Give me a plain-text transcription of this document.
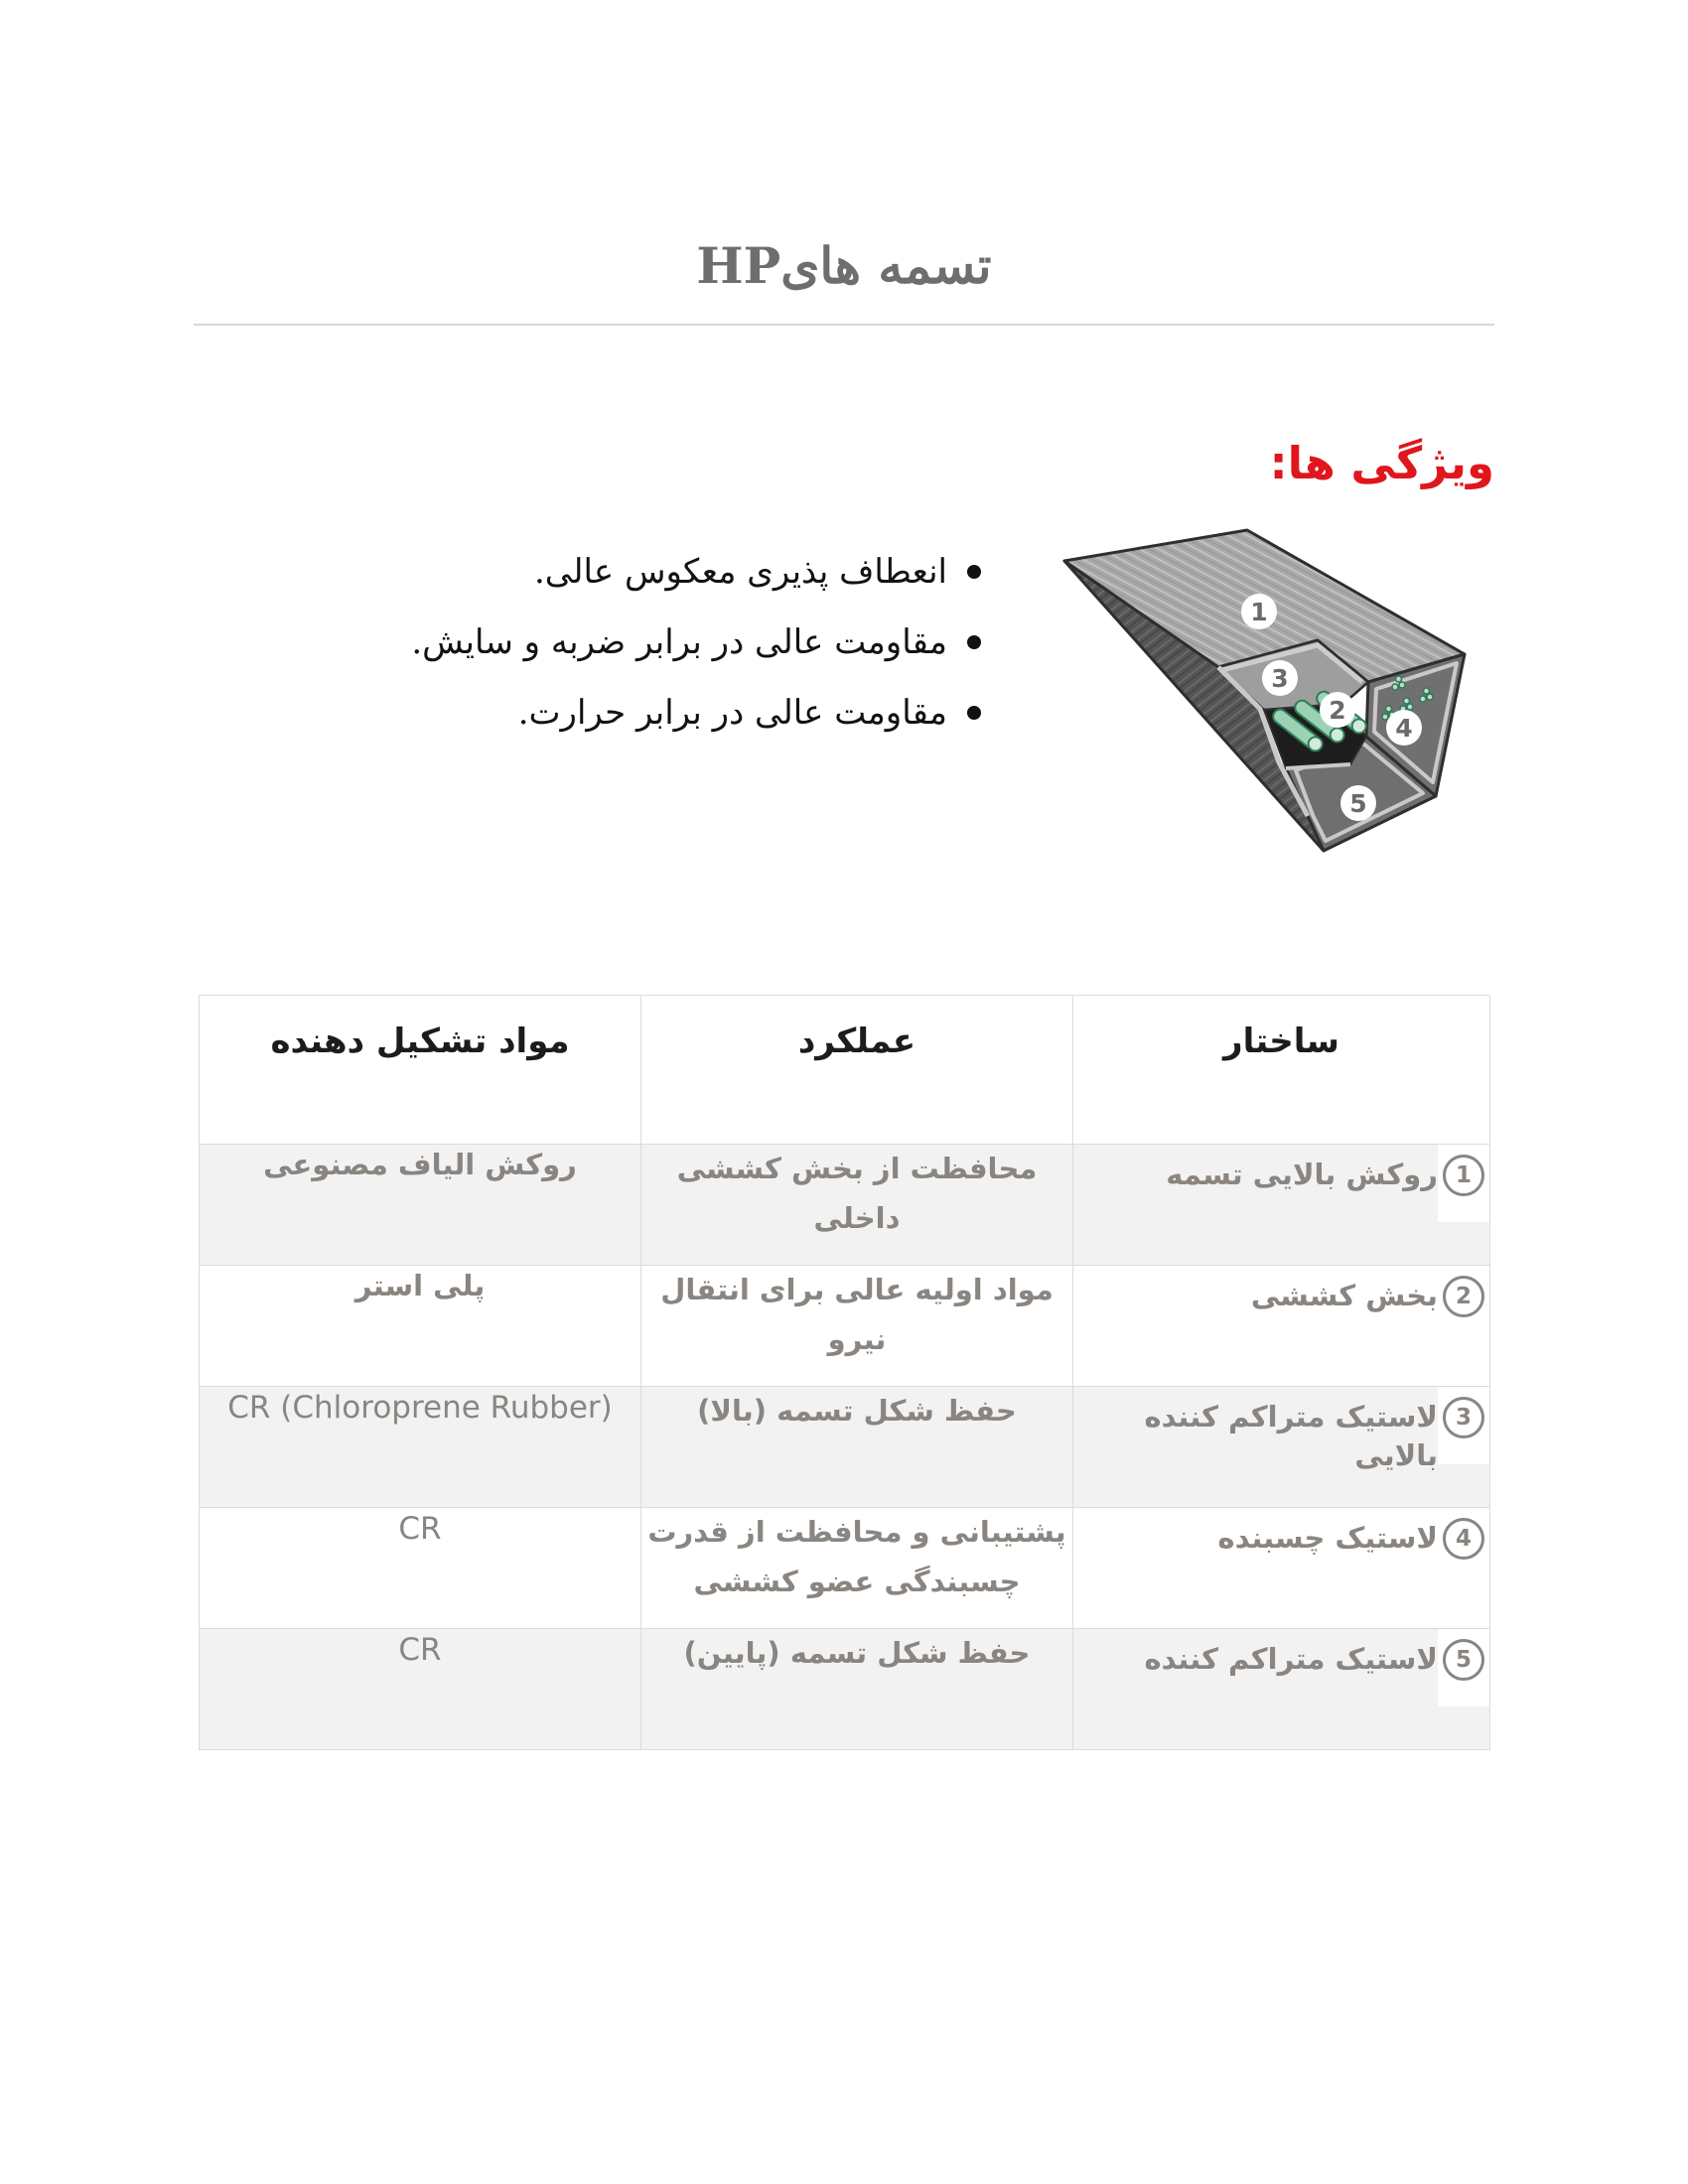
تسمه هایHP
ویژگی ها:
انعطاف پذیری معکوس عالی.
مقاومت عالی در برابر ضربه و سایش.
مقاومت عالی در برابر حرارت.
1
3
2
4
5
ساختار	عملکرد	مواد تشکیل دهنده

1
روکش بالایی تسمه	محافظت از بخش کششی داخلی	روکش الیاف مصنوعی

2
بخش کششی	مواد اولیه عالی برای انتقال نیرو	پلی استر

3
لاستیک متراکم کننده بالایی	حفظ شکل تسمه (بالا)	CR (Chloroprene Rubber)

4
لاستیک چسبنده	پشتیبانی و محافظت از قدرت چسبندگی عضو کششی	CR

5
لاستیک متراکم کننده	حفظ شکل تسمه (پایین)	CR
